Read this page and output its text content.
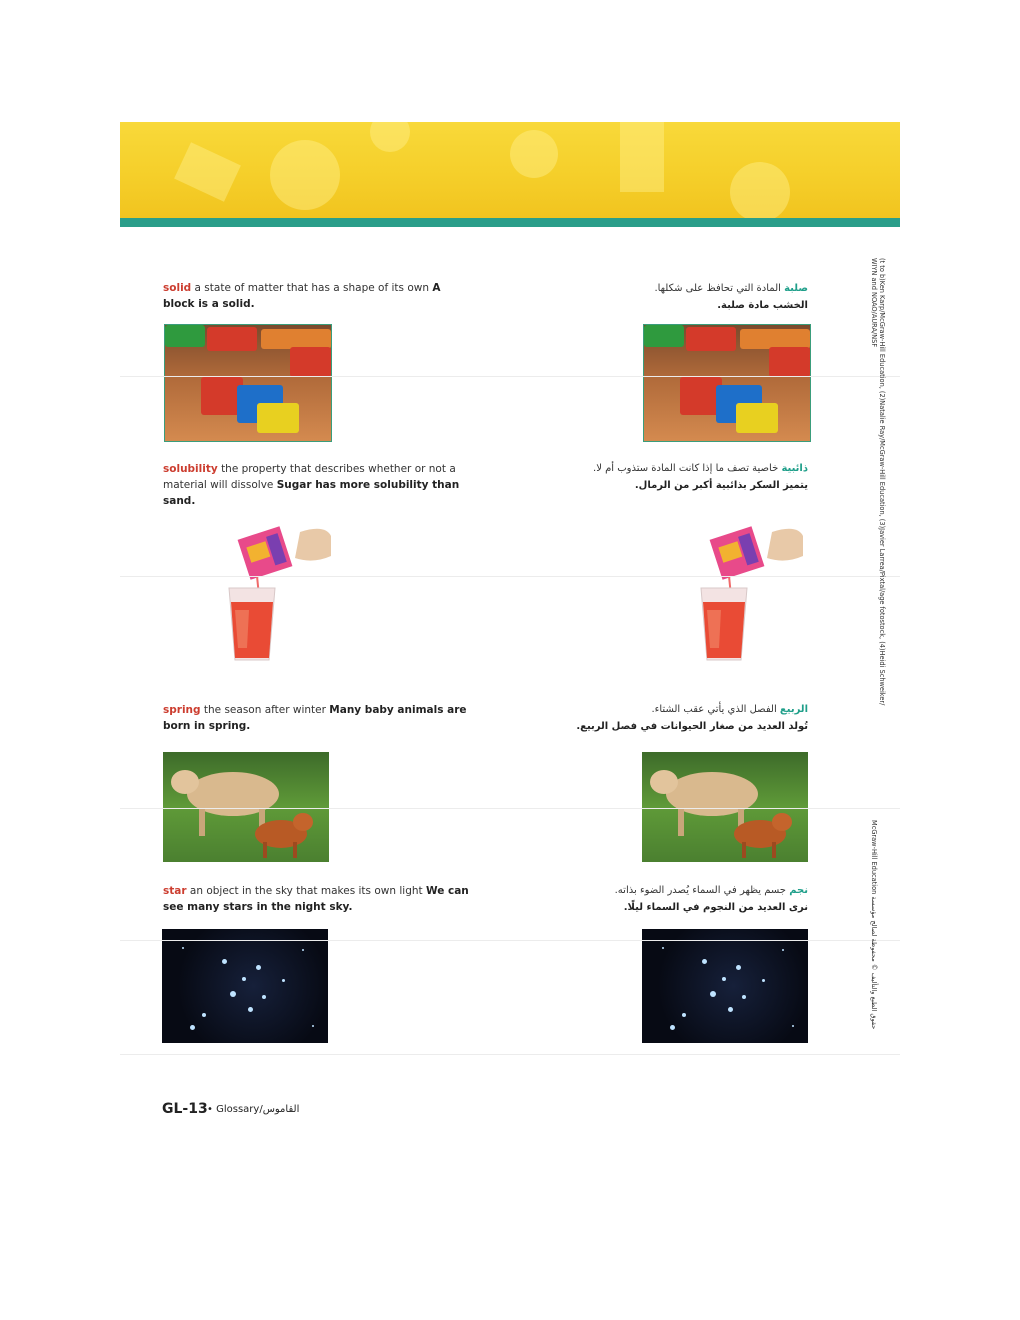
solid a state of matter that has a shape of its own A block is a solid.
صلبة المادة التي تحافظ على شكلها.
الخشب مادة صلبة.
solubility the property that describes whether or not a material will dissolve Sugar has more solubility than sand.
ذائبية خاصية تصف ما إذا كانت المادة ستذوب أم لا.
يتميز السكر بذائبية أكبر من الرمال.
spring the season after winter Many baby animals are born in spring.
الربيع الفصل الذي يأتي عقب الشتاء.
تُولد العديد من صغار الحيوانات في فصل الربيع.
star an object in the sky that makes its own light We can see many stars in the night sky.
نجم جسم يظهر في السماء يُصدر الضوء بذاته.
نرى العديد من النجوم في السماء ليلًا.
GL-13 • Glossary/القاموس
(t to b)Ken Karp/McGraw-Hill Education, (2)Natalie Ray/McGraw-Hill Education, (3)Javier Larrea/Pixtal/age fotostock, (4)Heidi Schweiker/
WIYN and NOAO/AURA/NSF
McGraw-Hill Education حقوق الطبع والتأليف © محفوظة لصالح مؤسسة
